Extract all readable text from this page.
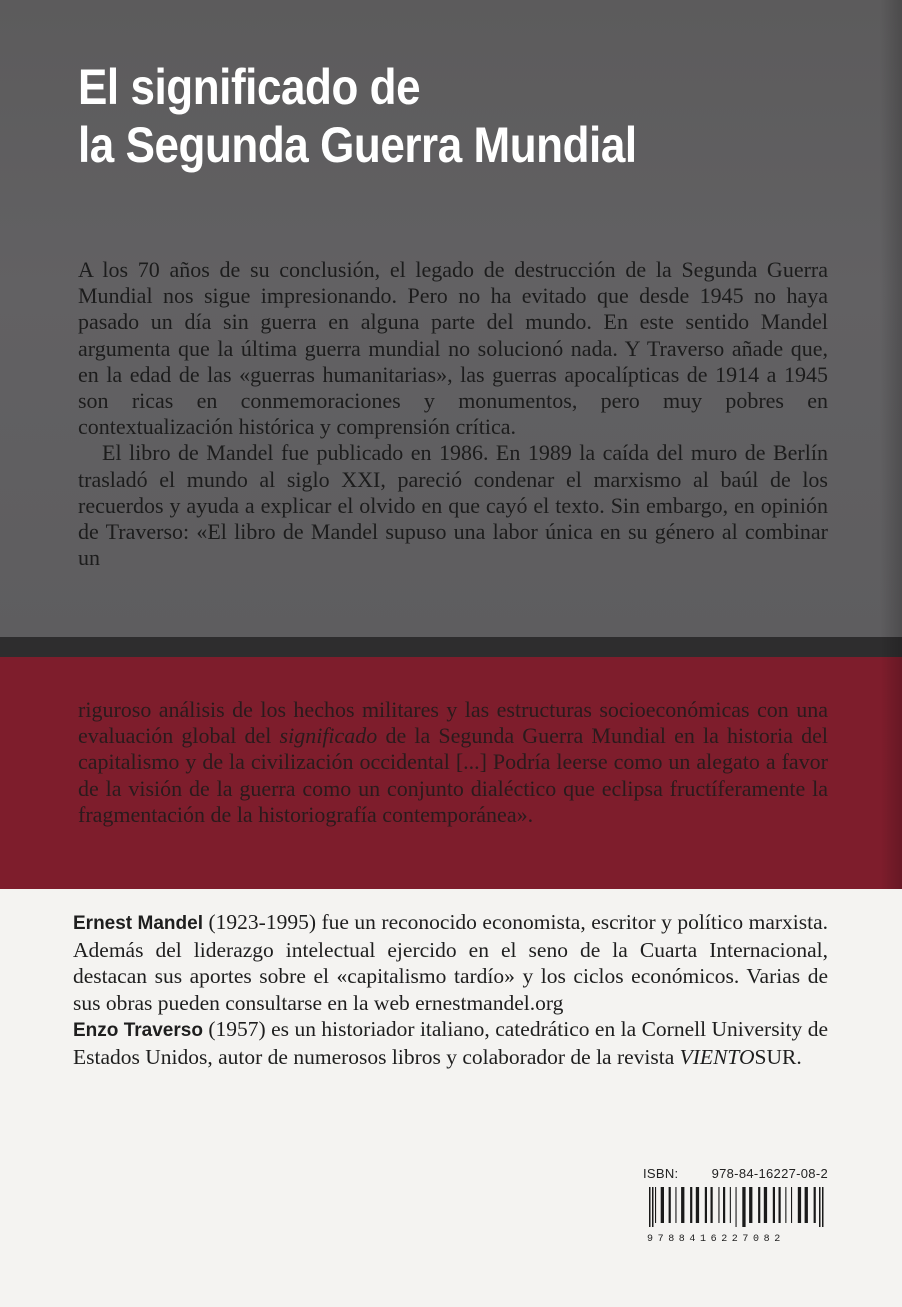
El significado de
la Segunda Guerra Mundial

A los 70 años de su conclusión, el legado de destrucción de la Segunda Guerra Mundial nos sigue impresionando. Pero no ha evitado que desde 1945 no haya pasado un día sin guerra en alguna parte del mundo. En este sentido Mandel argumenta que la última guerra mundial no solucionó nada. Y Traverso añade que, en la edad de las «guerras humanitarias», las guerras apocalípticas de 1914 a 1945 son ricas en conmemoraciones y monumentos, pero muy pobres en contextualización histórica y comprensión crítica.

El libro de Mandel fue publicado en 1986. En 1989 la caída del muro de Berlín trasladó el mundo al siglo XXI, pareció condenar el marxismo al baúl de los recuerdos y ayuda a explicar el olvido en que cayó el texto. Sin embargo, en opinión de Traverso: «El libro de Mandel supuso una labor única en su género al combinar un

riguroso análisis de los hechos militares y las estructuras socioeconómicas con una evaluación global del significado de la Segunda Guerra Mundial en la historia del capitalismo y de la civilización occidental [...] Podría leerse como un alegato a favor de la visión de la guerra como un conjunto dialéctico que eclipsa fructíferamente la fragmentación de la historiografía contemporánea».

Ernest Mandel (1923-1995) fue un reconocido economista, escritor y político marxista. Además del liderazgo intelectual ejercido en el seno de la Cuarta Internacional, destacan sus aportes sobre el «capitalismo tardío» y los ciclos económicos. Varias de sus obras pueden consultarse en la web ernestmandel.org

Enzo Traverso (1957) es un historiador italiano, catedrático en la Cornell University de Estados Unidos, autor de numerosos libros y colaborador de la revista VIENTOSUR.

ISBN:	978-84-16227-08-2
9788416227082
